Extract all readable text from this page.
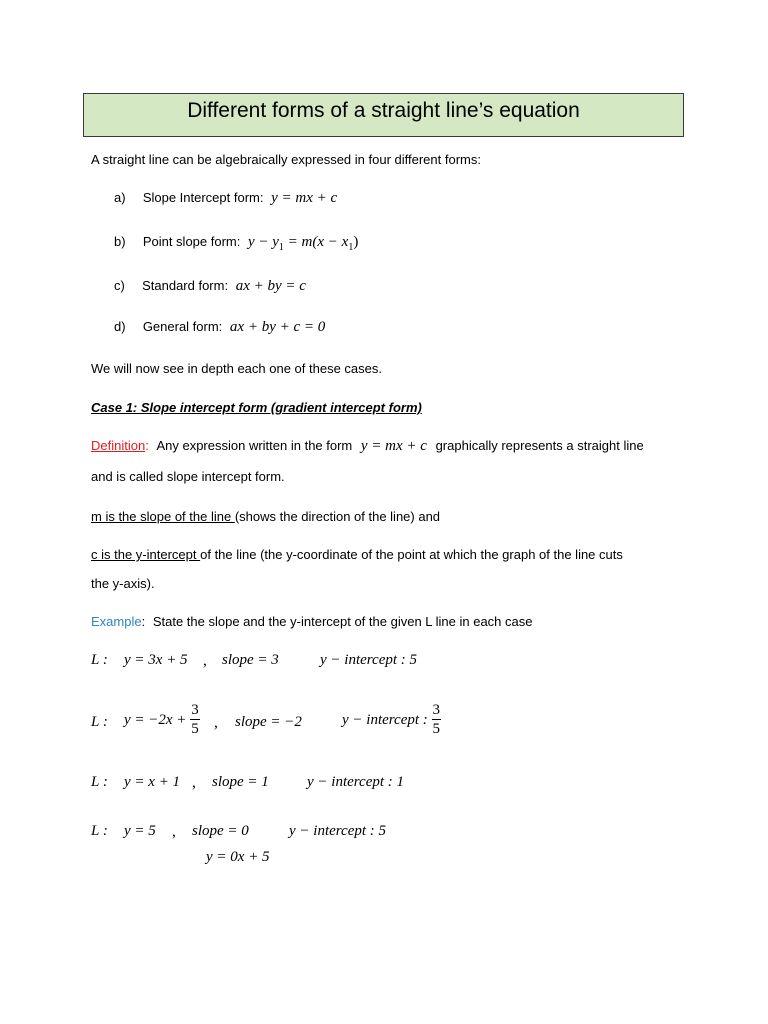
Different forms of a straight line’s equation
A straight line can be algebraically expressed in four different forms:
a) Slope Intercept form: y = mx + c
b) Point slope form: $y - y_1 = m(x - x_1)$
c) Standard form: ax + by = c
d) General form: ax + by + c = 0
We will now see in depth each one of these cases.
Case 1: Slope intercept form (gradient intercept form)
Definition: Any expression written in the form y = mx + c graphically represents a straight line
and is called slope intercept form.
m is the slope of the line (shows the direction of the line) and
c is the y-intercept of the line (the y-coordinate of the point at which the graph of the line cuts
the y-axis).
Example: State the slope and the y-intercept of the given L line in each case
L : y = 3x + 5 , slope = 3	y − intercept : 5
L : $y = -2x + \frac{3}{5}$ , slope = −2	y − intercept : $\frac{3}{5}$
L : y = x + 1 , slope = 1	y − intercept : 1
L : y = 5 , slope = 0	y − intercept : 5
y = 0x + 5
